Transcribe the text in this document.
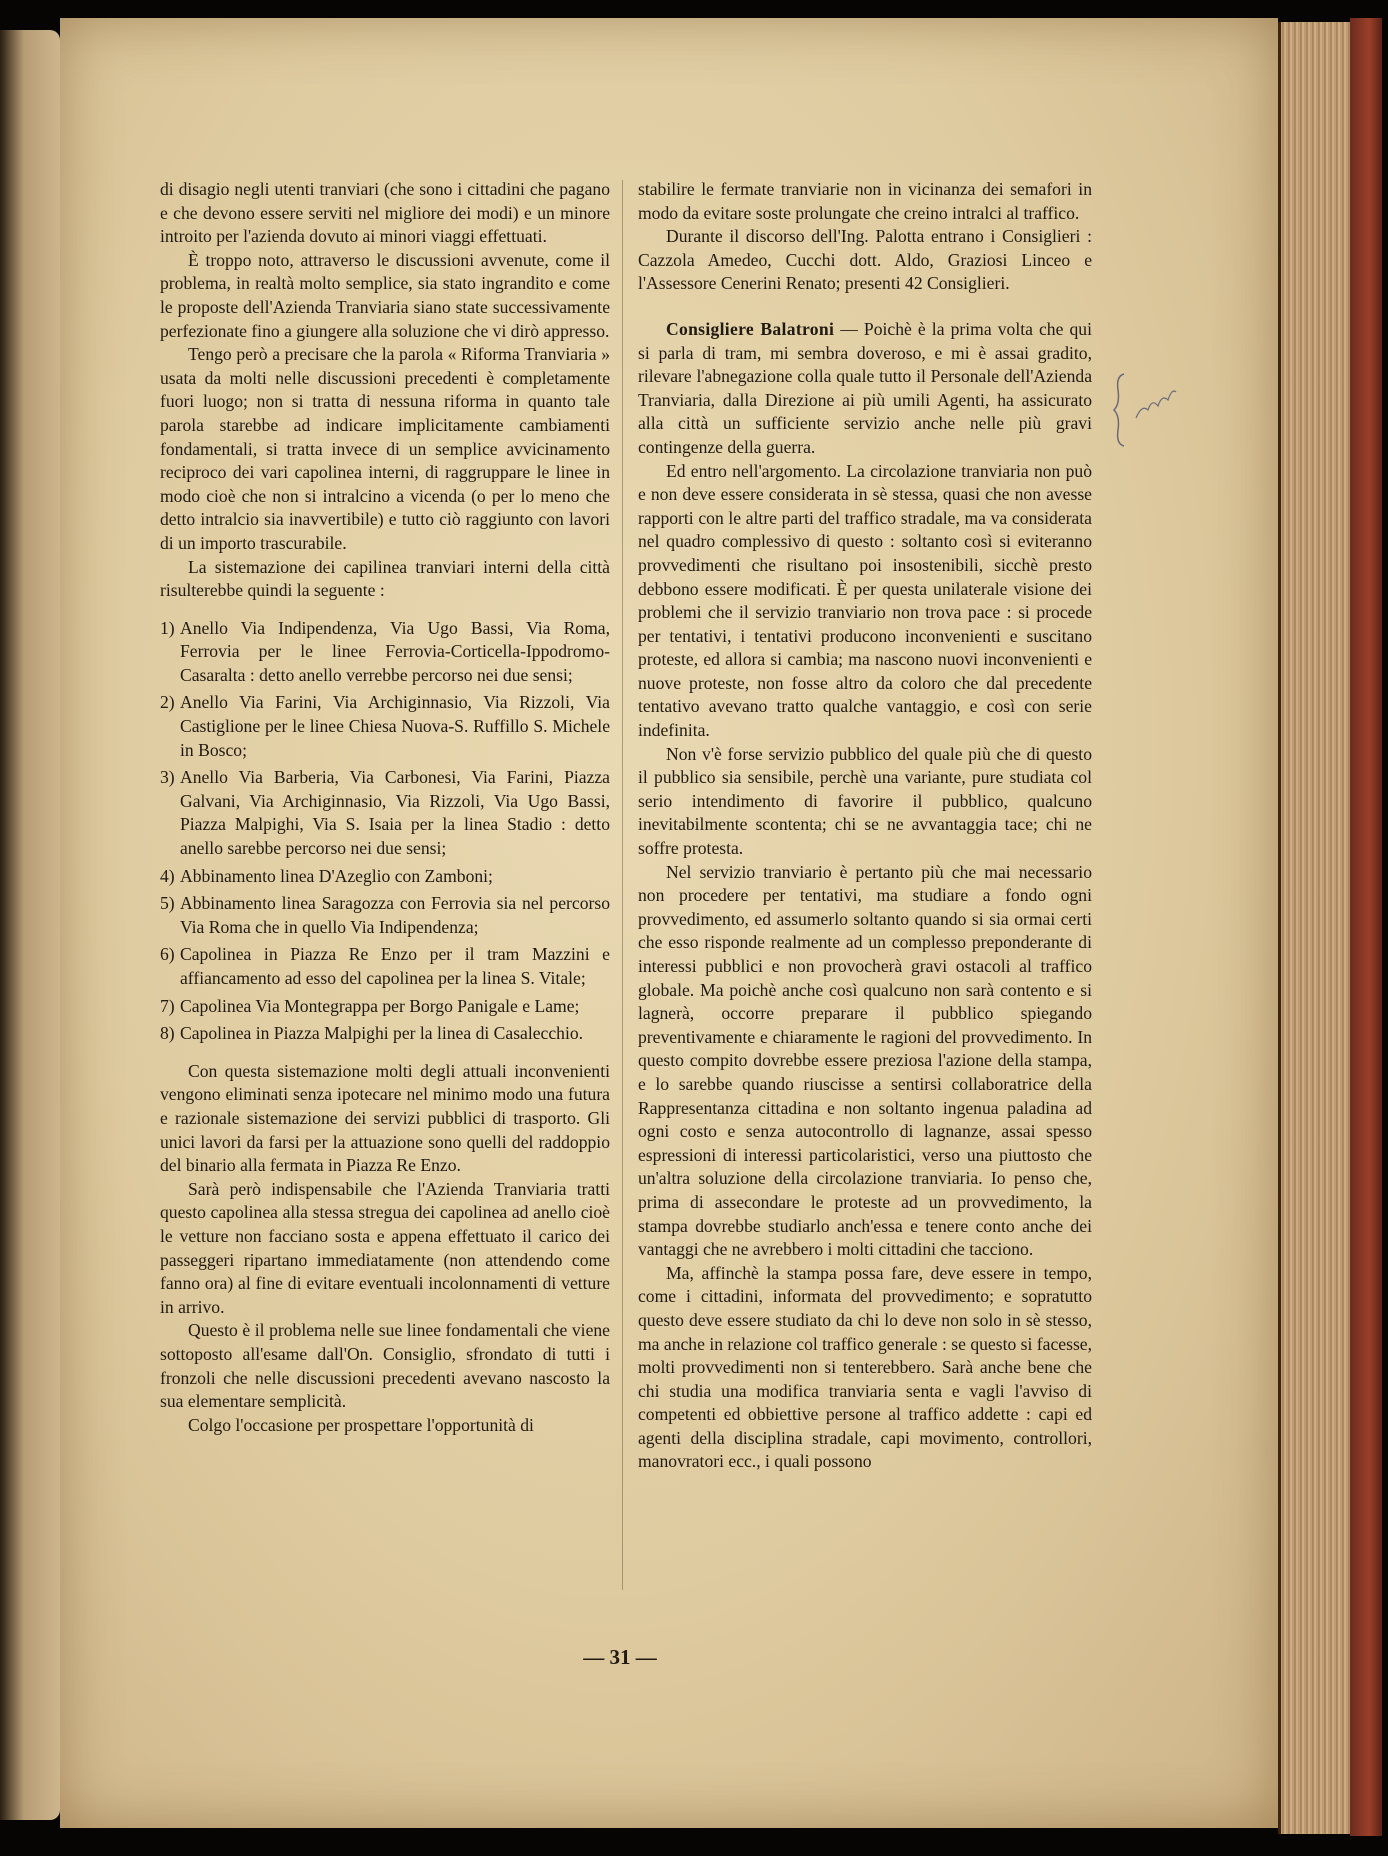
di disagio negli utenti tranviari (che sono i cittadini che pagano e che devono essere serviti nel migliore dei modi) e un minore introito per l'azienda dovuto ai minori viaggi effettuati.

È troppo noto, attraverso le discussioni avvenute, come il problema, in realtà molto semplice, sia stato ingrandito e come le proposte dell'Azienda Tranviaria siano state successivamente perfezionate fino a giungere alla soluzione che vi dirò appresso.

Tengo però a precisare che la parola « Riforma Tranviaria » usata da molti nelle discussioni precedenti è completamente fuori luogo; non si tratta di nessuna riforma in quanto tale parola starebbe ad indicare implicitamente cambiamenti fondamentali, si tratta invece di un semplice avvicinamento reciproco dei vari capolinea interni, di raggruppare le linee in modo cioè che non si intralcino a vicenda (o per lo meno che detto intralcio sia inavvertibile) e tutto ciò raggiunto con lavori di un importo trascurabile.

La sistemazione dei capilinea tranviari interni della città risulterebbe quindi la seguente :

1) Anello Via Indipendenza, Via Ugo Bassi, Via Roma, Ferrovia per le linee Ferrovia-Corticella-Ippodromo-Casaralta : detto anello verrebbe percorso nei due sensi;
2) Anello Via Farini, Via Archiginnasio, Via Rizzoli, Via Castiglione per le linee Chiesa Nuova-S. Ruffillo S. Michele in Bosco;
3) Anello Via Barberia, Via Carbonesi, Via Farini, Piazza Galvani, Via Archiginnasio, Via Rizzoli, Via Ugo Bassi, Piazza Malpighi, Via S. Isaia per la linea Stadio : detto anello sarebbe percorso nei due sensi;
4) Abbinamento linea D'Azeglio con Zamboni;
5) Abbinamento linea Saragozza con Ferrovia sia nel percorso Via Roma che in quello Via Indipendenza;
6) Capolinea in Piazza Re Enzo per il tram Mazzini e affiancamento ad esso del capolinea per la linea S. Vitale;
7) Capolinea Via Montegrappa per Borgo Panigale e Lame;
8) Capolinea in Piazza Malpighi per la linea di Casalecchio.

Con questa sistemazione molti degli attuali inconvenienti vengono eliminati senza ipotecare nel minimo modo una futura e razionale sistemazione dei servizi pubblici di trasporto. Gli unici lavori da farsi per la attuazione sono quelli del raddoppio del binario alla fermata in Piazza Re Enzo.

Sarà però indispensabile che l'Azienda Tranviaria tratti questo capolinea alla stessa stregua dei capolinea ad anello cioè le vetture non facciano sosta e appena effettuato il carico dei passeggeri ripartano immediatamente (non attendendo come fanno ora) al fine di evitare eventuali incolonnamenti di vetture in arrivo.

Questo è il problema nelle sue linee fondamentali che viene sottoposto all'esame dall'On. Consiglio, sfrondato di tutti i fronzoli che nelle discussioni precedenti avevano nascosto la sua elementare semplicità.

Colgo l'occasione per prospettare l'opportunità di

stabilire le fermate tranviarie non in vicinanza dei semafori in modo da evitare soste prolungate che creino intralci al traffico.

Durante il discorso dell'Ing. Palotta entrano i Consiglieri : Cazzola Amedeo, Cucchi dott. Aldo, Graziosi Linceo e l'Assessore Cenerini Renato; presenti 42 Consiglieri.

Consigliere Balatroni — Poichè è la prima volta che qui si parla di tram, mi sembra doveroso, e mi è assai gradito, rilevare l'abnegazione colla quale tutto il Personale dell'Azienda Tranviaria, dalla Direzione ai più umili Agenti, ha assicurato alla città un sufficiente servizio anche nelle più gravi contingenze della guerra.

Ed entro nell'argomento. La circolazione tranviaria non può e non deve essere considerata in sè stessa, quasi che non avesse rapporti con le altre parti del traffico stradale, ma va considerata nel quadro complessivo di questo : soltanto così si eviteranno provvedimenti che risultano poi insostenibili, sicchè presto debbono essere modificati. È per questa unilaterale visione dei problemi che il servizio tranviario non trova pace : si procede per tentativi, i tentativi producono inconvenienti e suscitano proteste, ed allora si cambia; ma nascono nuovi inconvenienti e nuove proteste, non fosse altro da coloro che dal precedente tentativo avevano tratto qualche vantaggio, e così con serie indefinita.

Non v'è forse servizio pubblico del quale più che di questo il pubblico sia sensibile, perchè una variante, pure studiata col serio intendimento di favorire il pubblico, qualcuno inevitabilmente scontenta; chi se ne avvantaggia tace; chi ne soffre protesta.

Nel servizio tranviario è pertanto più che mai necessario non procedere per tentativi, ma studiare a fondo ogni provvedimento, ed assumerlo soltanto quando si sia ormai certi che esso risponde realmente ad un complesso preponderante di interessi pubblici e non provocherà gravi ostacoli al traffico globale. Ma poichè anche così qualcuno non sarà contento e si lagnerà, occorre preparare il pubblico spiegando preventivamente e chiaramente le ragioni del provvedimento. In questo compito dovrebbe essere preziosa l'azione della stampa, e lo sarebbe quando riuscisse a sentirsi collaboratrice della Rappresentanza cittadina e non soltanto ingenua paladina ad ogni costo e senza autocontrollo di lagnanze, assai spesso espressioni di interessi particolaristici, verso una piuttosto che un'altra soluzione della circolazione tranviaria. Io penso che, prima di assecondare le proteste ad un provvedimento, la stampa dovrebbe studiarlo anch'essa e tenere conto anche dei vantaggi che ne avrebbero i molti cittadini che tacciono.

Ma, affinchè la stampa possa fare, deve essere in tempo, come i cittadini, informata del provvedimento; e sopratutto questo deve essere studiato da chi lo deve non solo in sè stesso, ma anche in relazione col traffico generale : se questo si facesse, molti provvedimenti non si tenterebbero. Sarà anche bene che chi studia una modifica tranviaria senta e vagli l'avviso di competenti ed obbiettive persone al traffico addette : capi ed agenti della disciplina stradale, capi movimento, controllori, manovratori ecc., i quali possono

— 31 —
